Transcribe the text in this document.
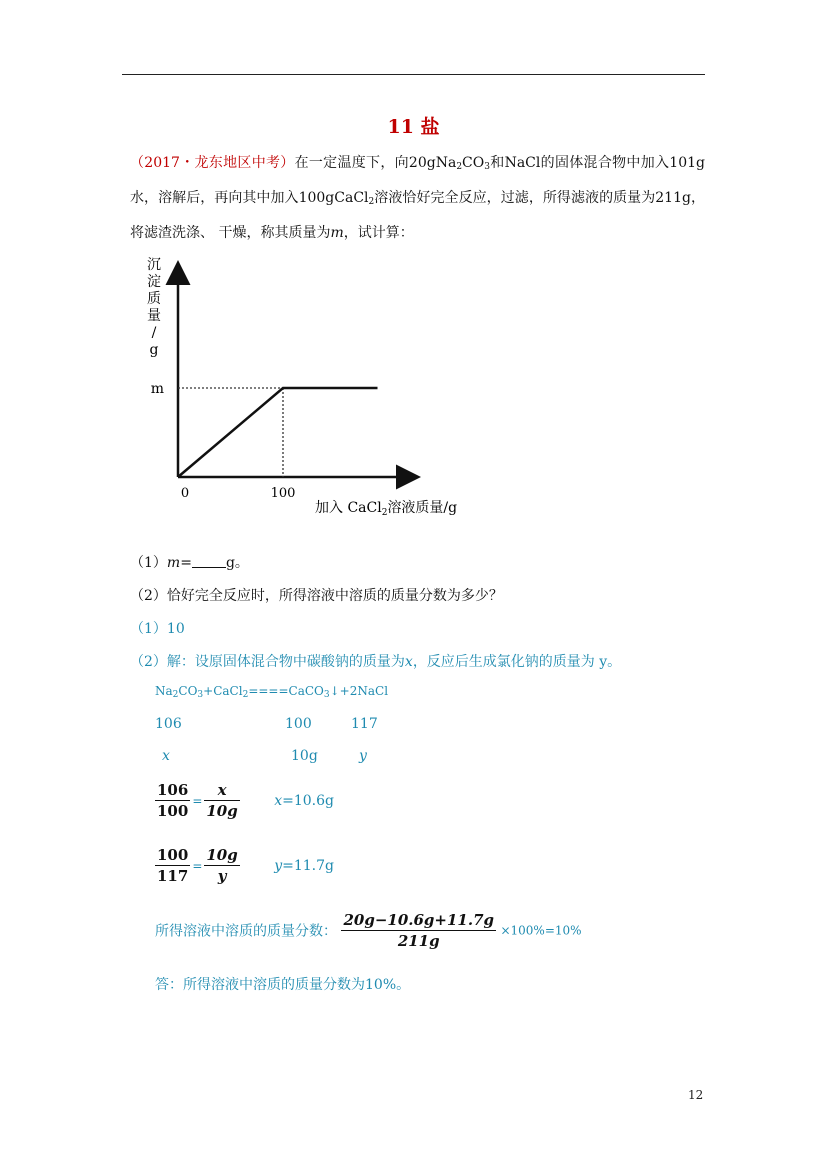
11 盐
（2017・龙东地区中考）在一定温度下，向$20gNa_2CO_3$和NaCl的固体混合物中加入101g水，溶解后，再向其中加入100gCaCl$_2$溶液恰好完全反应，过滤，所得滤液的质量为211g，将滤渣洗涤、 干燥，称其质量为m，试计算：
m
100
0
加入 CaCl$_2$溶液质量/g
沉淀质量/ g
（1）m= g。
（2）恰好完全反应时，所得溶液中溶质的质量分数为多少？
（1）10
（2）解：设原固体混合物中碳酸钠的质量为x，反应后生成氯化钠的质量为 y。
$Na_2CO_3+CaCl_2====CaCO_3↓+2NaCl$
106	100	117
x	10g	y
$\frac{106}{100} = \frac{x}{10g} x=10.6g$
$\frac{100}{117} = \frac{10g}{y} y=11.7g$
所得溶液中溶质的质量分数： $\frac{20g-10.6g+11.7g}{211g} \times 100\%=10\%$
答：所得溶液中溶质的质量分数为10%。
12
